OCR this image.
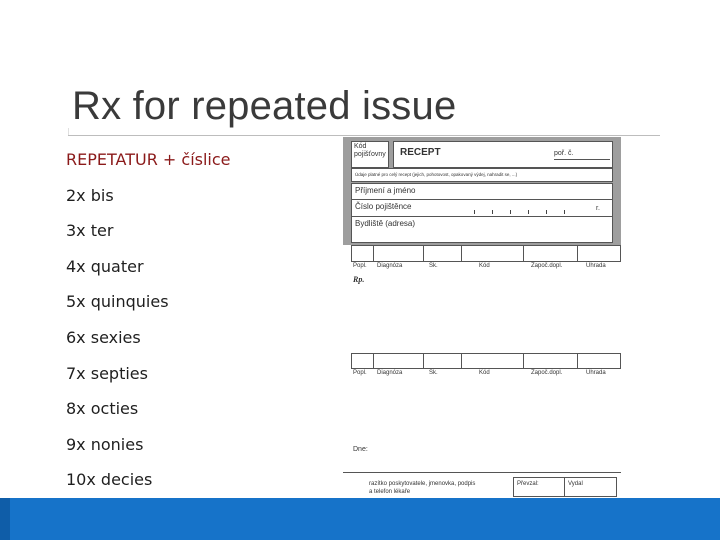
Rx for repeated issue
REPETATUR + číslice
2x bis
3x ter
4x quater
5x quinquies
6x sexies
7x septies
8x octies
9x nonies
10x decies
Kód pojišťovny RECEPT	poř. č.
Údaje platné pro celý recept (jejich, pohotovost, opakovaný výdej, nahradit se, ...)
Příjmení a jméno
Číslo pojištěnce	r.
Bydliště (adresa)
Popl. Diagnóza	Sk.	Kód	Započ.dopl.	Úhrada
Rp.
Popl. Diagnóza	Sk.	Kód	Započ.dopl.	Úhrada
Dne:
razítko poskytovatele, jmenovka, podpis a telefon lékaře
Převzal:	Vydal
